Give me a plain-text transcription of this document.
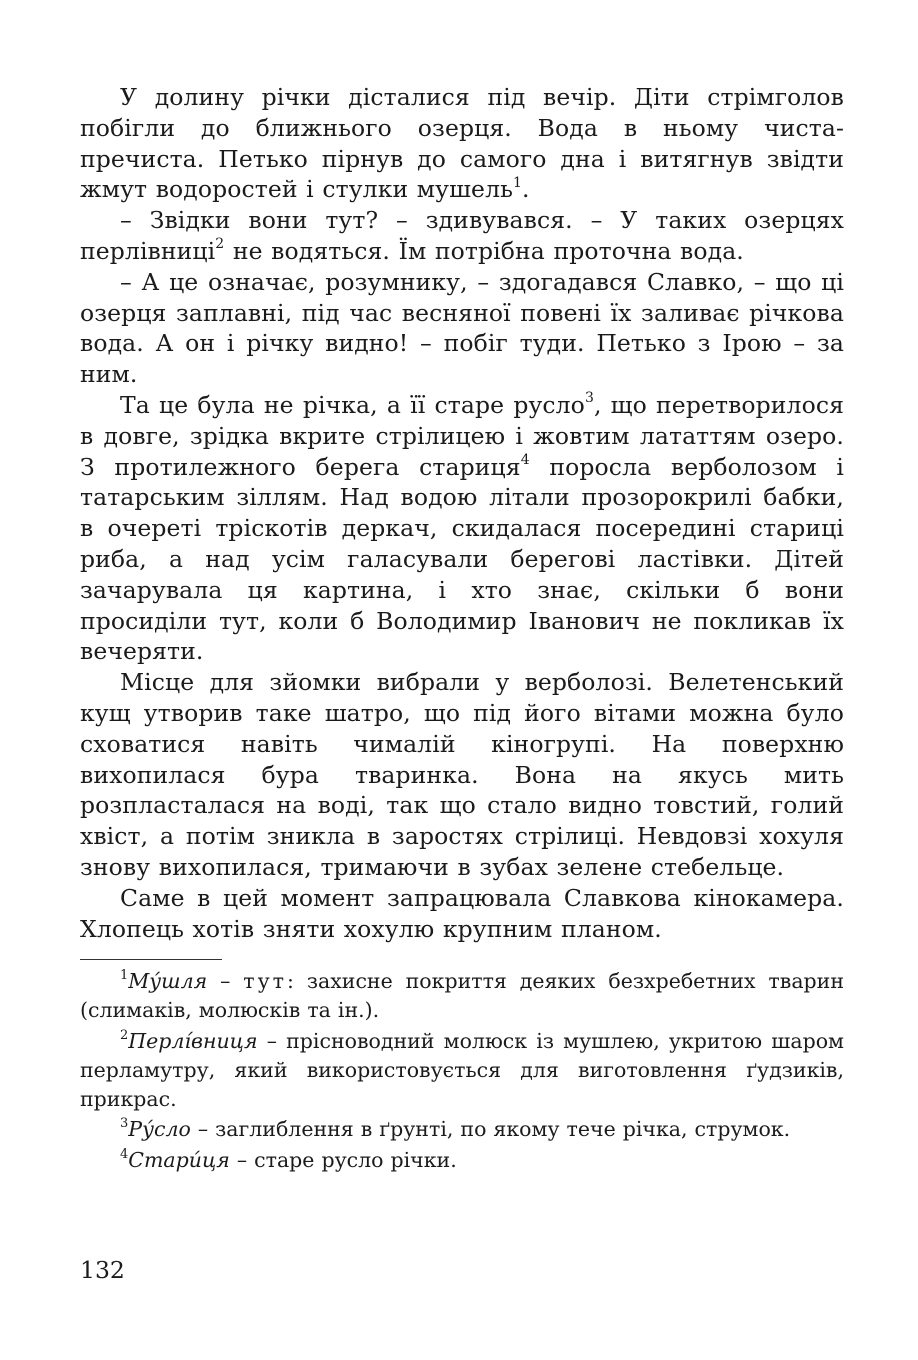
У долину річки дісталися під вечір. Діти стрімголов побігли до ближнього озерця. Вода в ньому чиста-пречиста. Петько пірнув до самого дна і витягнув звідти жмут водоростей і стулки мушель$^1$.

– Звідки вони тут? – здивувався. – У таких озерцях перлівниці$^2$ не водяться. Їм потрібна проточна вода.

– А це означає, розумнику, – здогадався Славко, – що ці озерця заплавні, під час весняної повені їх заливає річкова вода. А он і річку видно! – побіг туди. Петько з Ірою – за ним.

Та це була не річка, а її старе русло$^3$, що перетворилося в довге, зрідка вкрите стрілицею і жовтим лататтям озеро. З протилежного берега стариця$^4$ поросла верболозом і татарським зіллям. Над водою літали прозорокрилі бабки, в очереті тріскотів деркач, скидалася посередині стариці риба, а над усім галасували берегові ластівки. Дітей зачарувала ця картина, і хто знає, скільки б вони просиділи тут, коли б Володимир Іванович не покликав їх вечеряти.

Місце для зйомки вибрали у верболозі. Велетенський кущ утворив таке шатро, що під його вітами можна було сховатися навіть чималій кіногрупі. На поверхню вихопилася бура тваринка. Вона на якусь мить розпласталася на воді, так що стало видно товстий, голий хвіст, а потім зникла в заростях стрілиці. Невдовзі хохуля знову вихопилася, тримаючи в зубах зелене стебельце.

Саме в цей момент запрацювала Славкова кінокамера. Хлопець хотів зняти хохулю крупним планом.

$^1$Му́шля – тут: захисне покриття деяких безхребетних тварин (слимаків, молюсків та ін.).

$^2$Перлі́вниця – прісноводний молюск із мушлею, укритою шаром перламутру, який використовується для виготовлення ґудзиків, прикрас.

$^3$Ру́сло – заглиблення в ґрунті, по якому тече річка, струмок.

$^4$Стари́ця – старе русло річки.

132
